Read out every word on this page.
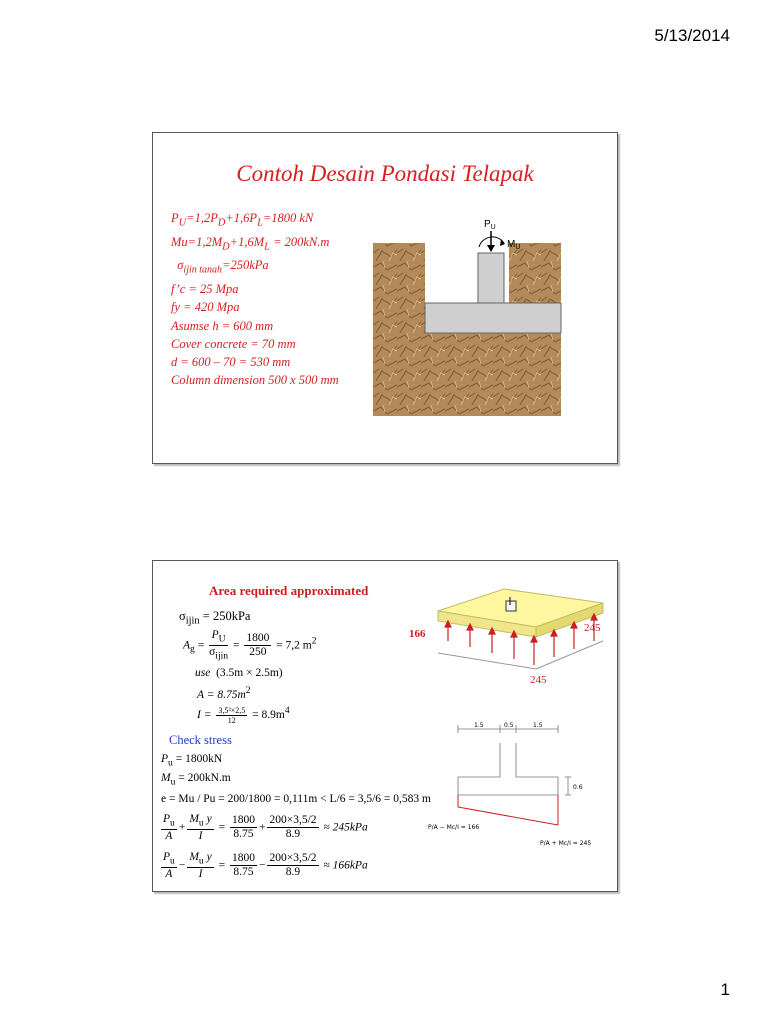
5/13/2014
Contoh Desain Pondasi Telapak
$P_U=1,2P_D+1,6P_L=1800$ kN
$Mu=1,2M_D+1,6M_L = 200kN.m$
$\sigma_{ijin tanah}=250kPa$
f’c = 25 Mpa
fy = 420 Mpa
Asumse h = 600 mm
Cover concrete = 70 mm
d = 600 – 70 = 530 mm
Column dimension 500 x 500 mm
$P_U$
$M_U$
Area required approximated
$\sigma_{ijin} = 250kPa$
$A_g = \frac{P_U}{\sigma_{ijin}} = \frac{1800}{250} = 7,2$ $m^2$
use (3.5m × 2.5m)
$A = 8.75m^2$
$I = \frac{\text{3,5³×2,5}}{12} = 8.9m^4$
Check stress
$P_u = 1800kN$
$M_u = 200kN.m$
e = Mu / Pu = 200/1800 = 0,111m < L/6 = 3,5/6 = 0,583 m
$\frac{P_u}{A} + \frac{M_u y}{I} = \frac{1800}{8.75} + \frac{200\times 3,5/2}{8.9} \approx 245kPa$
$\frac{P_u}{A} - \frac{M_u y}{I} = \frac{1800}{8.75} - \frac{200\times 3,5/2}{8.9} \approx 166kPa$
166	245
245
1.5	0.5	1.5
0.6
P/A − Mc/I = 166
P/A + Mc/I = 245
1
